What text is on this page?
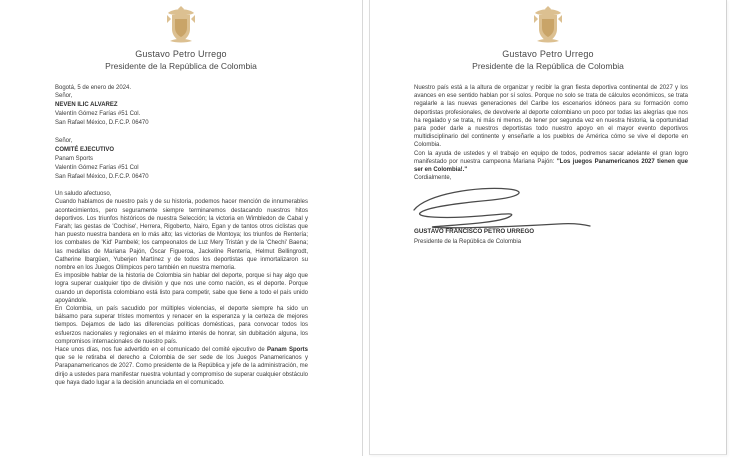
Gustavo Petro Urrego
Presidente de la República de Colombia

Bogotá, 5 de enero de 2024.

Señor,
NEVEN ILIC ALVAREZ
Valentín Gómez Farías #51 Col.
San Rafael México, D.F.C.P. 06470
Señor,
COMITÉ EJECUTIVO
Panam Sports
Valentín Gómez Farías #51 Col
San Rafael México, D.F.C.P. 06470

Un saludo afectuoso,

Cuando hablamos de nuestro país y de su historia, podemos hacer mención de innumerables acontecimientos, pero seguramente siempre terminaremos destacando nuestros hitos deportivos. Los triunfos históricos de nuestra Selección; la victoria en Wimbledon de Cabal y Farah; las gestas de 'Cochise', Herrera, Rigoberto, Nairo, Egan y de tantos otros ciclistas que han puesto nuestra bandera en lo más alto; las victorias de Montoya; los triunfos de Rentería; los combates de 'Kid' Pambelé; los campeonatos de Luz Mery Tristán y de la 'Chechi' Baena; las medallas de Mariana Pajón, Óscar Figueroa, Jackeline Rentería, Helmut Bellingrodt, Catherine Ibargüen, Yuberjen Martínez y de todos los deportistas que inmortalizaron su nombre en los Juegos Olímpicos pero también en nuestra memoria.

Es imposible hablar de la historia de Colombia sin hablar del deporte, porque si hay algo que logra superar cualquier tipo de división y que nos une como nación, es el deporte. Porque cuando un deportista colombiano está listo para competir, sabe que tiene a todo el país unido apoyándole.

En Colombia, un país sacudido por múltiples violencias, el deporte siempre ha sido un bálsamo para superar tristes momentos y renacer en la esperanza y la certeza de mejores tiempos. Dejamos de lado las diferencias políticas domésticas, para convocar todos los esfuerzos nacionales y regionales en el máximo interés de honrar, sin dubitación alguna, los compromisos internacionales de nuestro país.

Hace unos días, nos fue advertido en el comunicado del comité ejecutivo de Panam Sports que se le retiraba el derecho a Colombia de ser sede de los Juegos Panamericanos y Parapanamericanos de 2027. Como presidente de la República y jefe de la administración, me dirijo a ustedes para manifestar nuestra voluntad y compromiso de superar cualquier obstáculo que haya dado lugar a la decisión anunciada en el comunicado.

Gustavo Petro Urrego
Presidente de la República de Colombia

Nuestro país está a la altura de organizar y recibir la gran fiesta deportiva continental de 2027 y los avances en ese sentido hablan por sí solos. Porque no solo se trata de cálculos económicos, se trata regalarle a las nuevas generaciones del Caribe los escenarios idóneos para su formación como deportistas profesionales, de devolverle al deporte colombiano un poco por todas las alegrías que nos ha regalado y se trata, ni más ni menos, de tener por segunda vez en nuestra historia, la oportunidad para poder darle a nuestros deportistas todo nuestro apoyo en el mayor evento deportivos multidisciplinario del continente y enseñarle a los pueblos de América cómo se vive el deporte en Colombia.

Con la ayuda de ustedes y el trabajo en equipo de todos, podremos sacar adelante el gran logro manifestado por nuestra campeona Mariana Pajón: "Los juegos Panamericanos 2027 tienen que ser en Colombia!."

Cordialmente,

GUSTAVO FRANCISCO PETRO URREGO
Presidente de la República de Colombia
